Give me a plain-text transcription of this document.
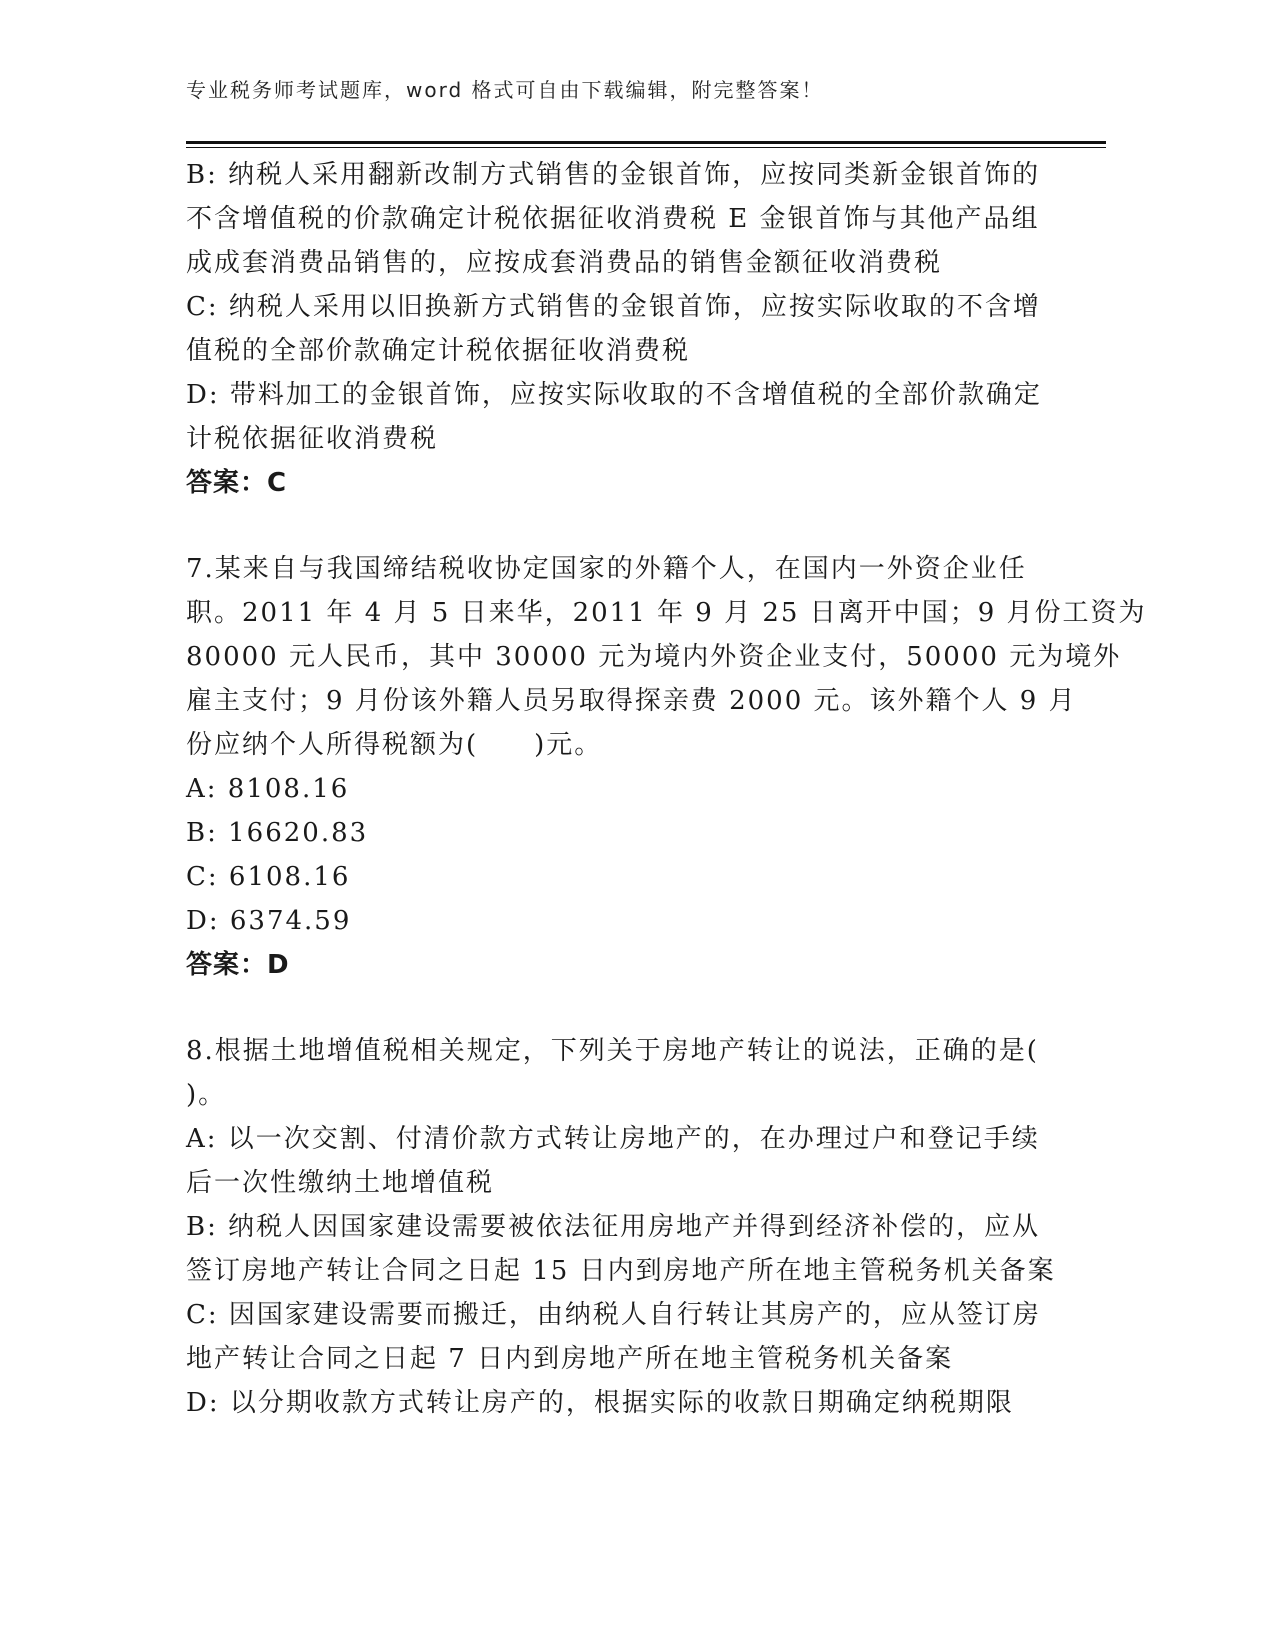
专业税务师考试题库，word 格式可自由下载编辑，附完整答案！
B: 纳税人采用翻新改制方式销售的金银首饰，应按同类新金银首饰的
不含增值税的价款确定计税依据征收消费税 E 金银首饰与其他产品组
成成套消费品销售的，应按成套消费品的销售金额征收消费税
C: 纳税人采用以旧换新方式销售的金银首饰，应按实际收取的不含增
值税的全部价款确定计税依据征收消费税
D: 带料加工的金银首饰，应按实际收取的不含增值税的全部价款确定
计税依据征收消费税
答案：C
7.某来自与我国缔结税收协定国家的外籍个人，在国内一外资企业任
职。2011 年 4 月 5 日来华，2011 年 9 月 25 日离开中国；9 月份工资为
80000 元人民币，其中 30000 元为境内外资企业支付，50000 元为境外
雇主支付；9 月份该外籍人员另取得探亲费 2000 元。该外籍个人 9 月
份应纳个人所得税额为(　　)元。
A: 8108.16
B: 16620.83
C: 6108.16
D: 6374.59
答案：D
8.根据土地增值税相关规定，下列关于房地产转让的说法，正确的是(
)。
A: 以一次交割、付清价款方式转让房地产的，在办理过户和登记手续
后一次性缴纳土地增值税
B: 纳税人因国家建设需要被依法征用房地产并得到经济补偿的，应从
签订房地产转让合同之日起 15 日内到房地产所在地主管税务机关备案
C: 因国家建设需要而搬迁，由纳税人自行转让其房产的，应从签订房
地产转让合同之日起 7 日内到房地产所在地主管税务机关备案
D: 以分期收款方式转让房产的，根据实际的收款日期确定纳税期限
